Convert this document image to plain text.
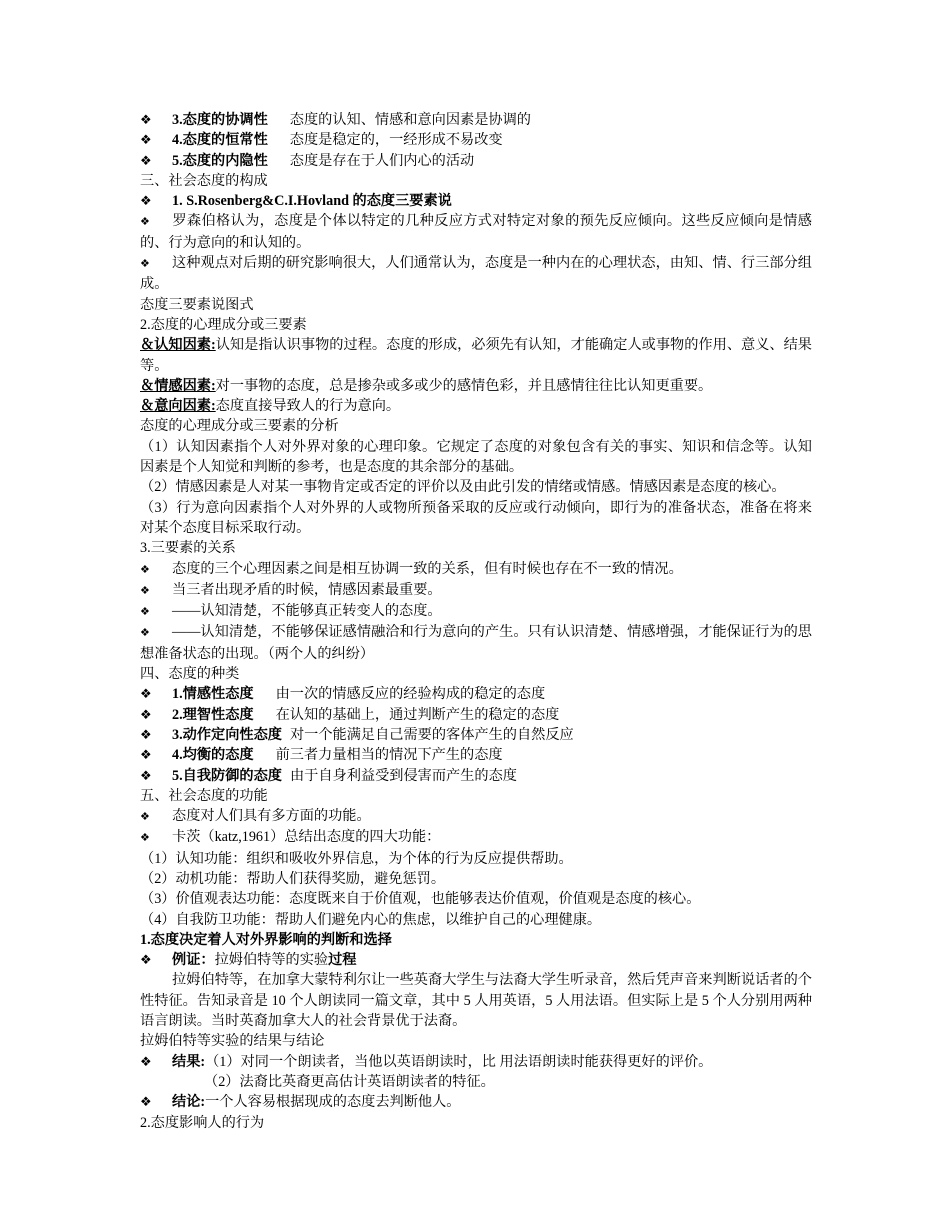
❖ 3.态度的协调性 态度的认知、情感和意向因素是协调的
❖ 4.态度的恒常性 态度是稳定的，一经形成不易改变
❖ 5.态度的内隐性 态度是存在于人们内心的活动
三、社会态度的构成
❖ 1. S.Rosenberg&C.I.Hovland 的态度三要素说
❖ 罗森伯格认为，态度是个体以特定的几种反应方式对特定对象的预先反应倾向。这些反应倾向是情感的、行为意向的和认知的。
❖ 这种观点对后期的研究影响很大，人们通常认为，态度是一种内在的心理状态，由知、情、行三部分组成。
态度三要素说图式
2.态度的心理成分或三要素
＆认知因素:认知是指认识事物的过程。态度的形成，必须先有认知，才能确定人或事物的作用、意义、结果等。
＆情感因素:对一事物的态度，总是掺杂或多或少的感情色彩，并且感情往往比认知更重要。
＆意向因素:态度直接导致人的行为意向。
态度的心理成分或三要素的分析
（1）认知因素指个人对外界对象的心理印象。它规定了态度的对象包含有关的事实、知识和信念等。认知因素是个人知觉和判断的参考，也是态度的其余部分的基础。
（2）情感因素是人对某一事物肯定或否定的评价以及由此引发的情绪或情感。情感因素是态度的核心。
（3）行为意向因素指个人对外界的人或物所预备采取的反应或行动倾向，即行为的准备状态，准备在将来对某个态度目标采取行动。
3.三要素的关系
❖ 态度的三个心理因素之间是相互协调一致的关系，但有时候也存在不一致的情况。
❖ 当三者出现矛盾的时候，情感因素最重要。
❖ ——认知清楚，不能够真正转变人的态度。
❖ ——认知清楚，不能够保证感情融洽和行为意向的产生。只有认识清楚、情感增强，才能保证行为的思想准备状态的出现。（两个人的纠纷）
四、态度的种类
❖ 1.情感性态度 由一次的情感反应的经验构成的稳定的态度
❖ 2.理智性态度 在认知的基础上，通过判断产生的稳定的态度
❖ 3.动作定向性态度 对一个能满足自己需要的客体产生的自然反应
❖ 4.均衡的态度 前三者力量相当的情况下产生的态度
❖ 5.自我防御的态度 由于自身利益受到侵害而产生的态度
五、社会态度的功能
❖ 态度对人们具有多方面的功能。
❖ 卡茨（katz,1961）总结出态度的四大功能：
（1）认知功能：组织和吸收外界信息，为个体的行为反应提供帮助。
（2）动机功能：帮助人们获得奖励，避免惩罚。
（3）价值观表达功能：态度既来自于价值观，也能够表达价值观，价值观是态度的核心。
（4）自我防卫功能：帮助人们避免内心的焦虑，以维护自己的心理健康。
1.态度决定着人对外界影响的判断和选择
❖ 例证：拉姆伯特等的实验过程
拉姆伯特等，在加拿大蒙特利尔让一些英裔大学生与法裔大学生听录音，然后凭声音来判断说话者的个性特征。告知录音是 10 个人朗读同一篇文章，其中 5 人用英语，5 人用法语。但实际上是 5 个人分别用两种语言朗读。当时英裔加拿大人的社会背景优于法裔。
拉姆伯特等实验的结果与结论
❖ 结果:（1）对同一个朗读者，当他以英语朗读时，比 用法语朗读时能获得更好的评价。
（2）法裔比英裔更高估计英语朗读者的特征。
❖ 结论:一个人容易根据现成的态度去判断他人。
2.态度影响人的行为
